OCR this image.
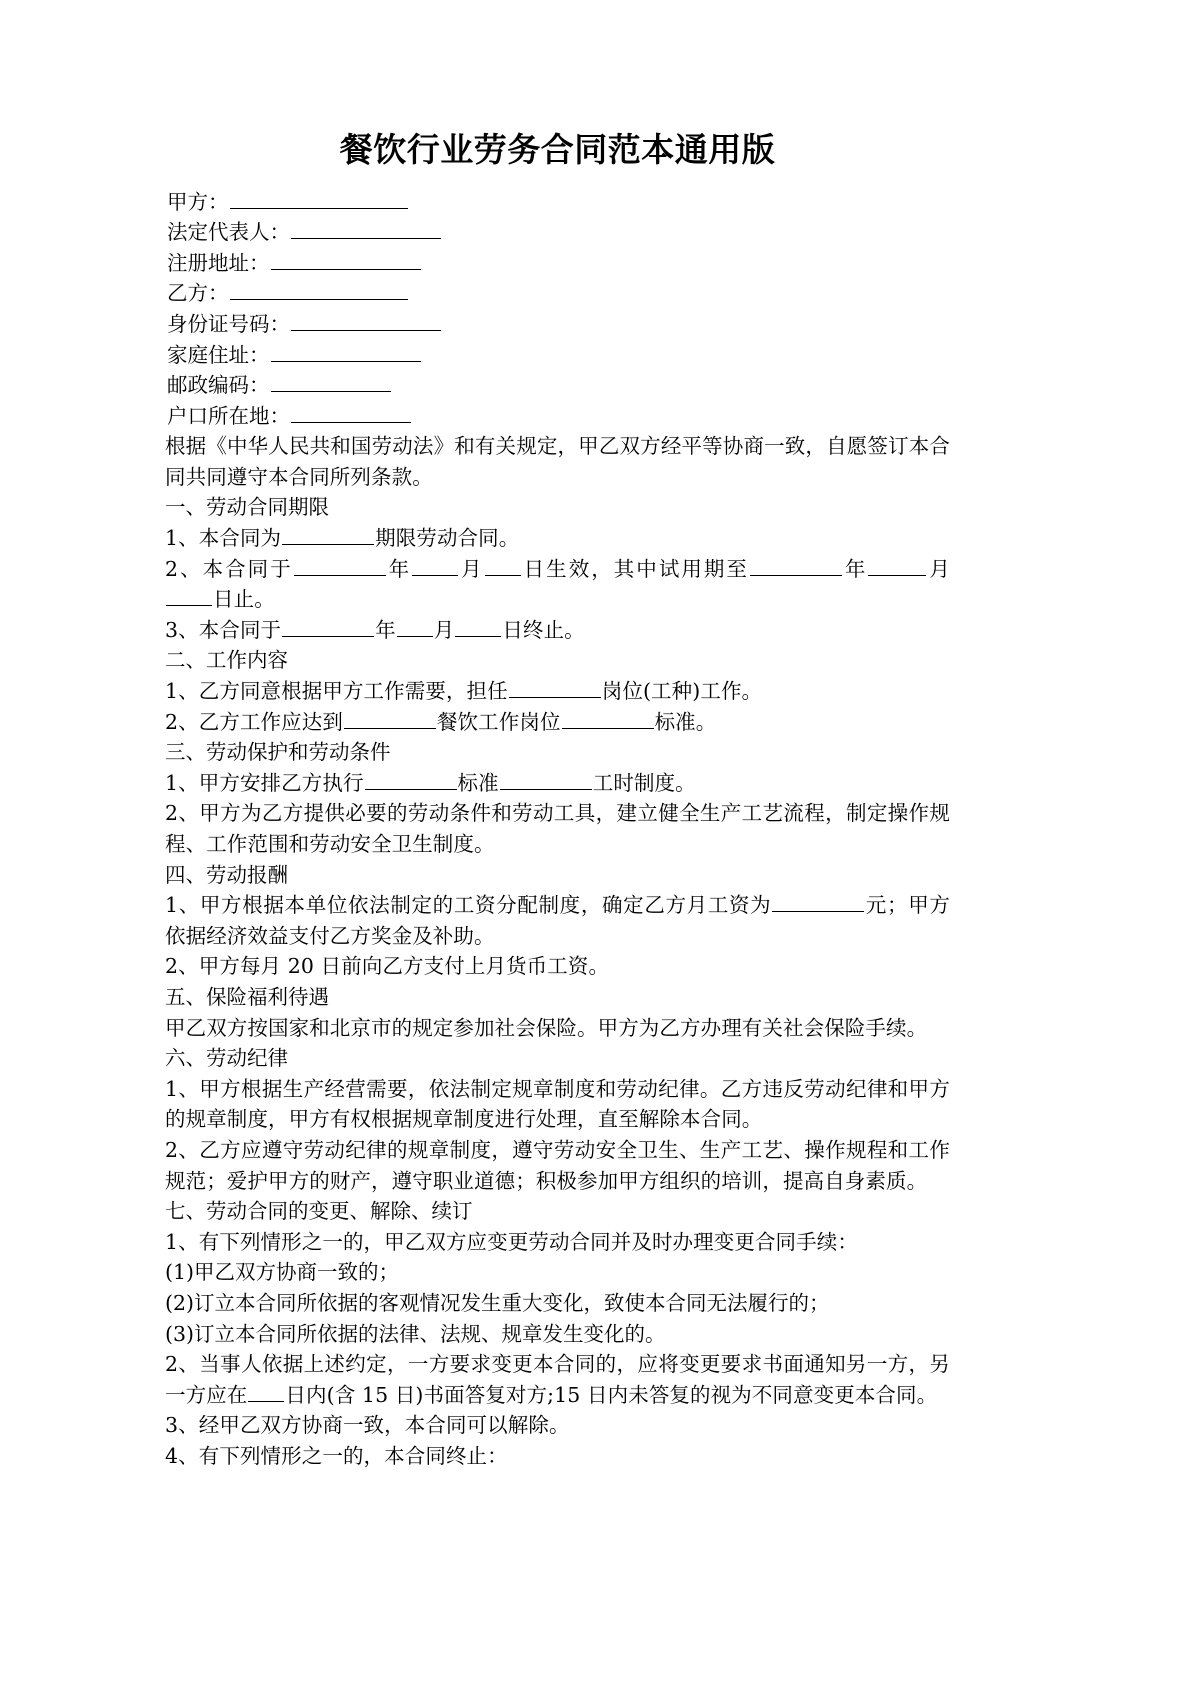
餐饮行业劳务合同范本通用版
甲方：
法定代表人：
注册地址：
乙方：
身份证号码：
家庭住址：
邮政编码：
户口所在地：
根据《中华人民共和国劳动法》和有关规定，甲乙双方经平等协商一致，自愿签订本合同共同遵守本合同所列条款。
一、劳动合同期限
1、本合同为	期限劳动合同。
2、本合同于	年 月 日生效，其中试用期至	年	月日止。
3、本合同于	年 月 日终止。
二、工作内容
1、乙方同意根据甲方工作需要，担任	岗位(工种)工作。
2、乙方工作应达到	餐饮工作岗位	标准。
三、劳动保护和劳动条件
1、甲方安排乙方执行	标准	工时制度。
2、甲方为乙方提供必要的劳动条件和劳动工具，建立健全生产工艺流程，制定操作规程、工作范围和劳动安全卫生制度。
四、劳动报酬
1、甲方根据本单位依法制定的工资分配制度，确定乙方月工资为	元；甲方依据经济效益支付乙方奖金及补助。
2、甲方每月 20 日前向乙方支付上月货币工资。
五、保险福利待遇
甲乙双方按国家和北京市的规定参加社会保险。甲方为乙方办理有关社会保险手续。
六、劳动纪律
1、甲方根据生产经营需要，依法制定规章制度和劳动纪律。乙方违反劳动纪律和甲方的规章制度，甲方有权根据规章制度进行处理，直至解除本合同。
2、乙方应遵守劳动纪律的规章制度，遵守劳动安全卫生、生产工艺、操作规程和工作规范；爱护甲方的财产，遵守职业道德；积极参加甲方组织的培训，提高自身素质。
七、劳动合同的变更、解除、续订
1、有下列情形之一的，甲乙双方应变更劳动合同并及时办理变更合同手续：
(1)甲乙双方协商一致的；
(2)订立本合同所依据的客观情况发生重大变化，致使本合同无法履行的；
(3)订立本合同所依据的法律、法规、规章发生变化的。
2、当事人依据上述约定，一方要求变更本合同的，应将变更要求书面通知另一方，另一方应在 日内(含 15 日)书面答复对方;15 日内未答复的视为不同意变更本合同。
3、经甲乙双方协商一致，本合同可以解除。
4、有下列情形之一的，本合同终止：
